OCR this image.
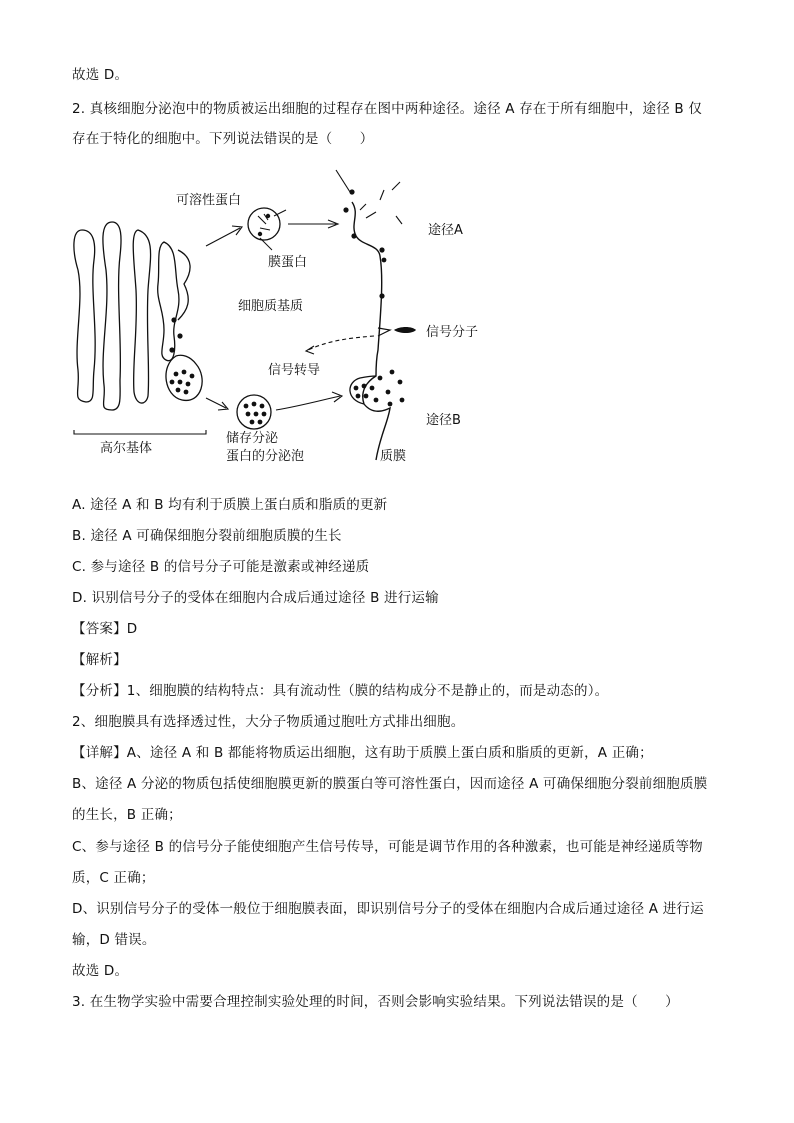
故选 D。
2. 真核细胞分泌泡中的物质被运出细胞的过程存在图中两种途径。途径 A 存在于所有细胞中，途径 B 仅
存在于特化的细胞中。下列说法错误的是（　　）
高尔基体
可溶性蛋白
膜蛋白
途径A
细胞质基质
信号分子
信号转导
储存分泌
蛋白的分泌泡
途径B
质膜
A. 途径 A 和 B 均有利于质膜上蛋白质和脂质的更新
B. 途径 A 可确保细胞分裂前细胞质膜的生长
C. 参与途径 B 的信号分子可能是激素或神经递质
D. 识别信号分子的受体在细胞内合成后通过途径 B 进行运输
【答案】D
【解析】
【分析】1、细胞膜的结构特点：具有流动性（膜的结构成分不是静止的，而是动态的）。
2、细胞膜具有选择透过性，大分子物质通过胞吐方式排出细胞。
【详解】A、途径 A 和 B 都能将物质运出细胞，这有助于质膜上蛋白质和脂质的更新，A 正确；
B、途径 A 分泌的物质包括使细胞膜更新的膜蛋白等可溶性蛋白，因而途径 A 可确保细胞分裂前细胞质膜
的生长，B 正确；
C、参与途径 B 的信号分子能使细胞产生信号传导，可能是调节作用的各种激素，也可能是神经递质等物
质，C 正确；
D、识别信号分子的受体一般位于细胞膜表面，即识别信号分子的受体在细胞内合成后通过途径 A 进行运
输，D 错误。
故选 D。
3. 在生物学实验中需要合理控制实验处理的时间，否则会影响实验结果。下列说法错误的是（　　）
